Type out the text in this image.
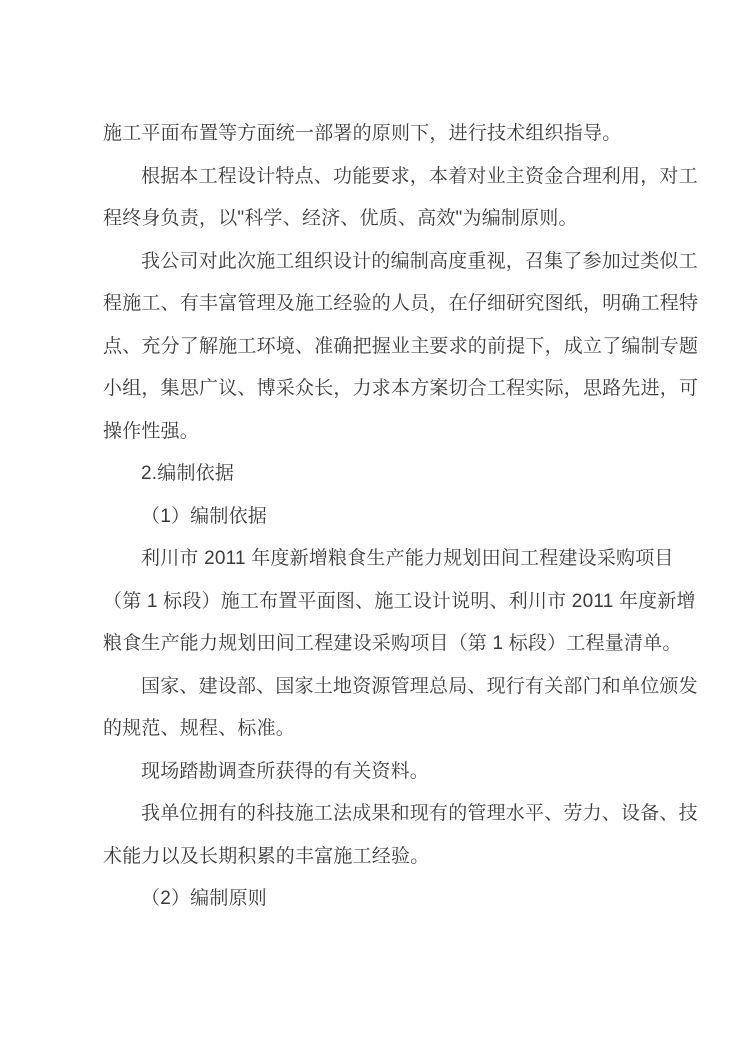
施工平面布置等方面统一部署的原则下，进行技术组织指导。
根据本工程设计特点、功能要求，本着对业主资金合理利用，对工
程终身负责，以"科学、经济、优质、高效"为编制原则。
我公司对此次施工组织设计的编制高度重视，召集了参加过类似工
程施工、有丰富管理及施工经验的人员，在仔细研究图纸，明确工程特
点、充分了解施工环境、准确把握业主要求的前提下，成立了编制专题
小组，集思广议、博采众长，力求本方案切合工程实际，思路先进，可
操作性强。
2.编制依据
（1）编制依据
利川市 2011 年度新增粮食生产能力规划田间工程建设采购项目
（第 1 标段）施工布置平面图、施工设计说明、利川市 2011 年度新增
粮食生产能力规划田间工程建设采购项目（第 1 标段）工程量清单。
国家、建设部、国家土地资源管理总局、现行有关部门和单位颁发
的规范、规程、标准。
现场踏勘调查所获得的有关资料。
我单位拥有的科技施工法成果和现有的管理水平、劳力、设备、技
术能力以及长期积累的丰富施工经验。
（2）编制原则
